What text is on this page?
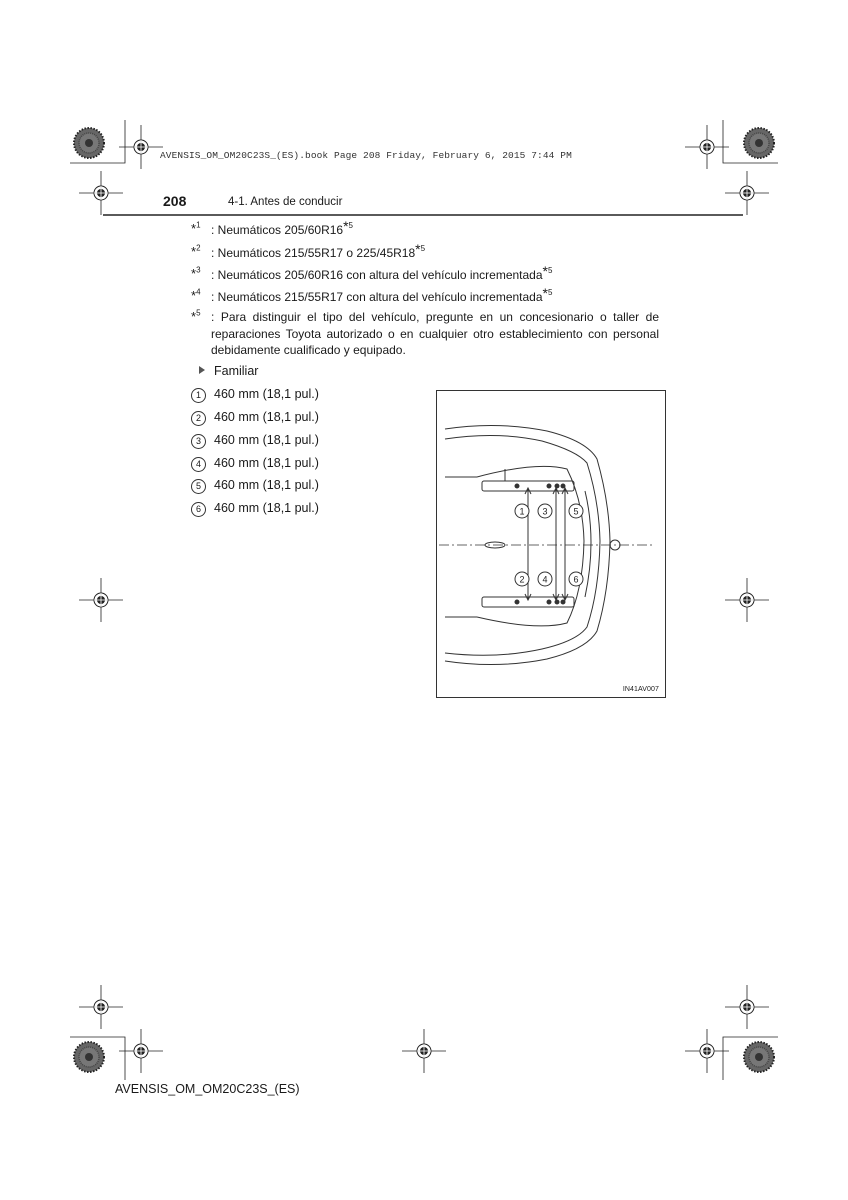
AVENSIS_OM_OM20C23S_(ES).book Page 208 Friday, February 6, 2015 7:44 PM
208	4-1. Antes de conducir
*$^1$ : Neumáticos 205/60R16*$^5$
*$^2$ : Neumáticos 215/55R17 o 225/45R18*$^5$
*$^3$ : Neumáticos 205/60R16 con altura del vehículo incrementada*$^5$
*$^4$ : Neumáticos 215/55R17 con altura del vehículo incrementada*$^5$
*$^5$ : Para distinguir el tipo del vehículo, pregunte en un concesionario o taller de reparaciones Toyota autorizado o en cualquier otro establecimiento con personal debidamente cualificado y equipado.
Familiar
1 460 mm (18,1 pul.)
2 460 mm (18,1 pul.)
3 460 mm (18,1 pul.)
4 460 mm (18,1 pul.)
5 460 mm (18,1 pul.)
6 460 mm (18,1 pul.)	1 3	5
2 4	6
IN41AV007
AVENSIS_OM_OM20C23S_(ES)
